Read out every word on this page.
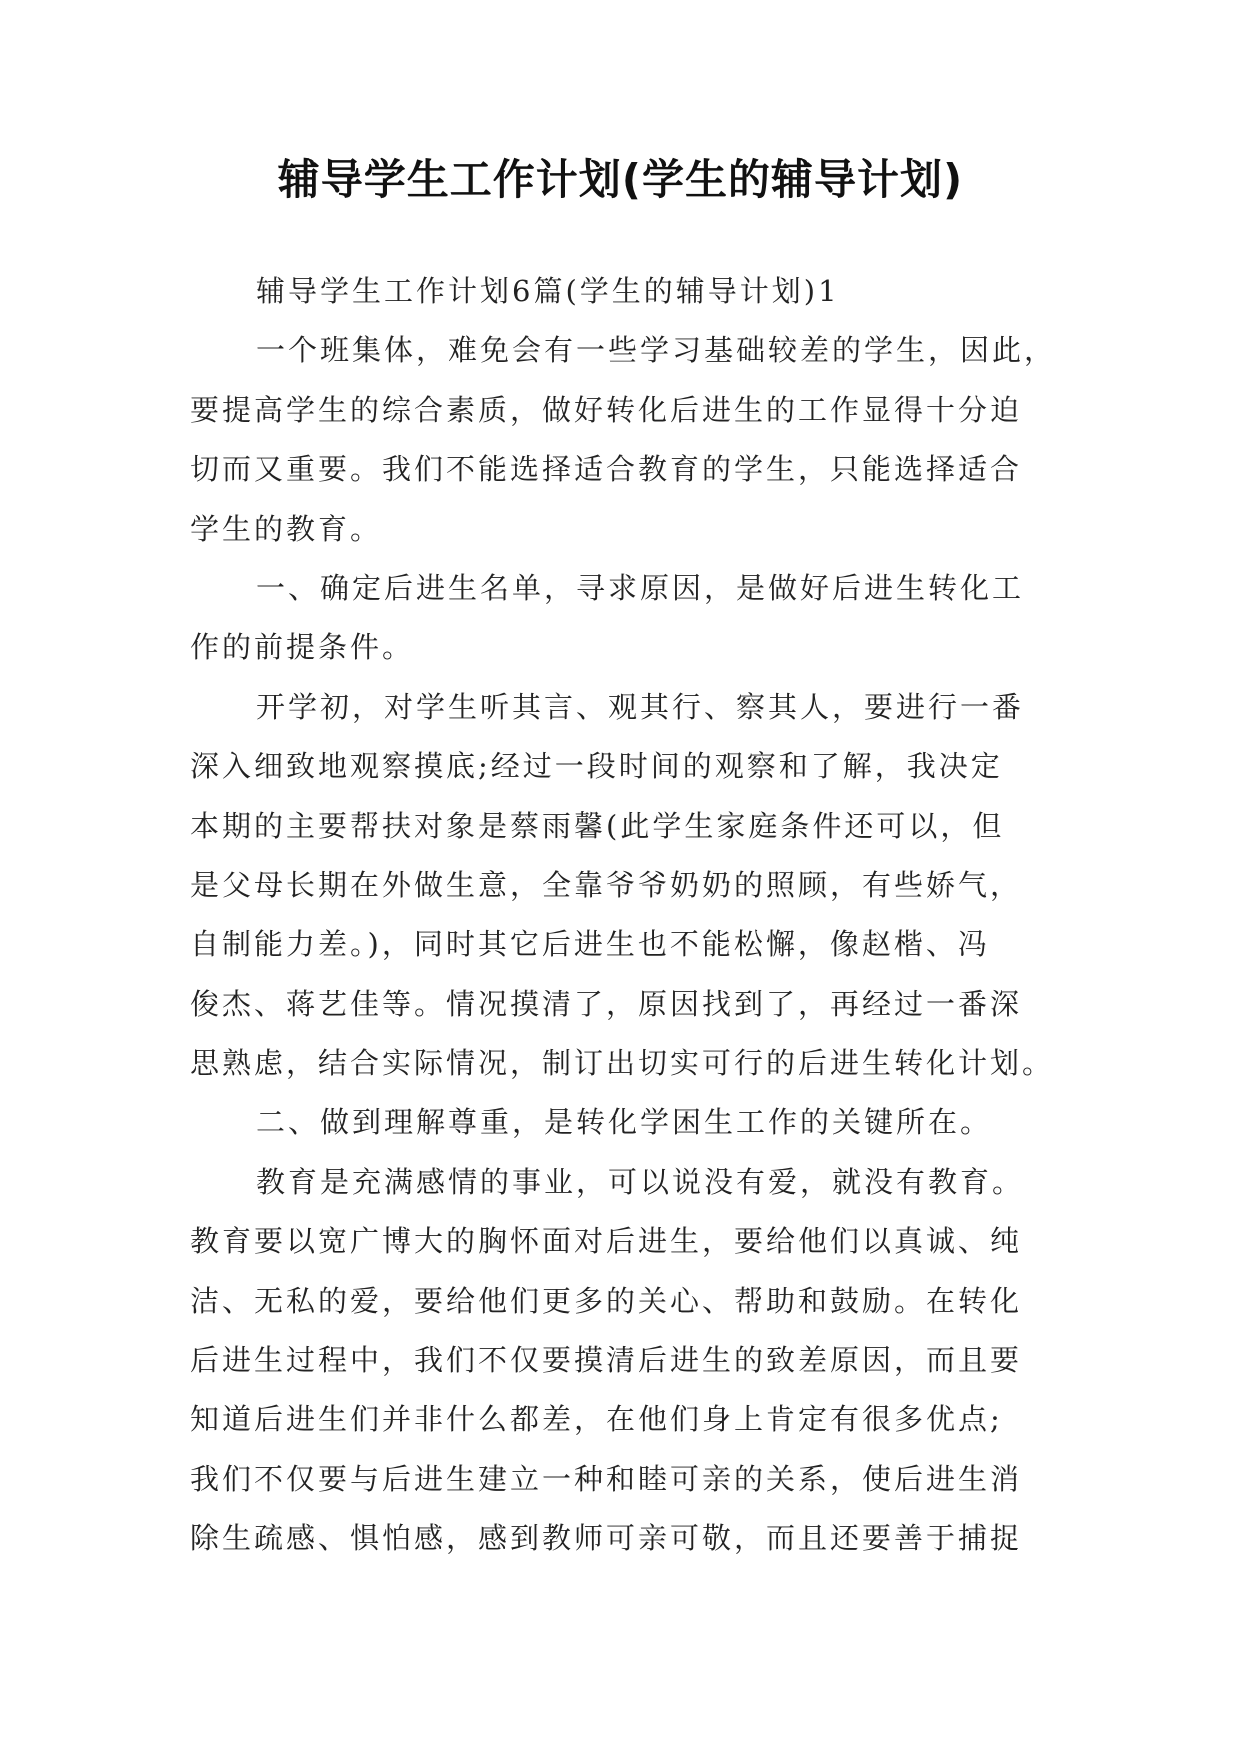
辅导学生工作计划(学生的辅导计划)
辅导学生工作计划6篇(学生的辅导计划)1
一个班集体，难免会有一些学习基础较差的学生，因此，
要提高学生的综合素质，做好转化后进生的工作显得十分迫
切而又重要。我们不能选择适合教育的学生，只能选择适合
学生的教育。
一、确定后进生名单，寻求原因，是做好后进生转化工
作的前提条件。
开学初，对学生听其言、观其行、察其人，要进行一番
深入细致地观察摸底;经过一段时间的观察和了解，我决定
本期的主要帮扶对象是蔡雨馨(此学生家庭条件还可以，但
是父母长期在外做生意，全靠爷爷奶奶的照顾，有些娇气，
自制能力差。)，同时其它后进生也不能松懈，像赵楷、冯
俊杰、蒋艺佳等。情况摸清了，原因找到了，再经过一番深
思熟虑，结合实际情况，制订出切实可行的后进生转化计划。
二、做到理解尊重，是转化学困生工作的关键所在。
教育是充满感情的事业，可以说没有爱，就没有教育。
教育要以宽广博大的胸怀面对后进生，要给他们以真诚、纯
洁、无私的爱，要给他们更多的关心、帮助和鼓励。在转化
后进生过程中，我们不仅要摸清后进生的致差原因，而且要
知道后进生们并非什么都差，在他们身上肯定有很多优点;
我们不仅要与后进生建立一种和睦可亲的关系，使后进生消
除生疏感、惧怕感，感到教师可亲可敬，而且还要善于捕捉
